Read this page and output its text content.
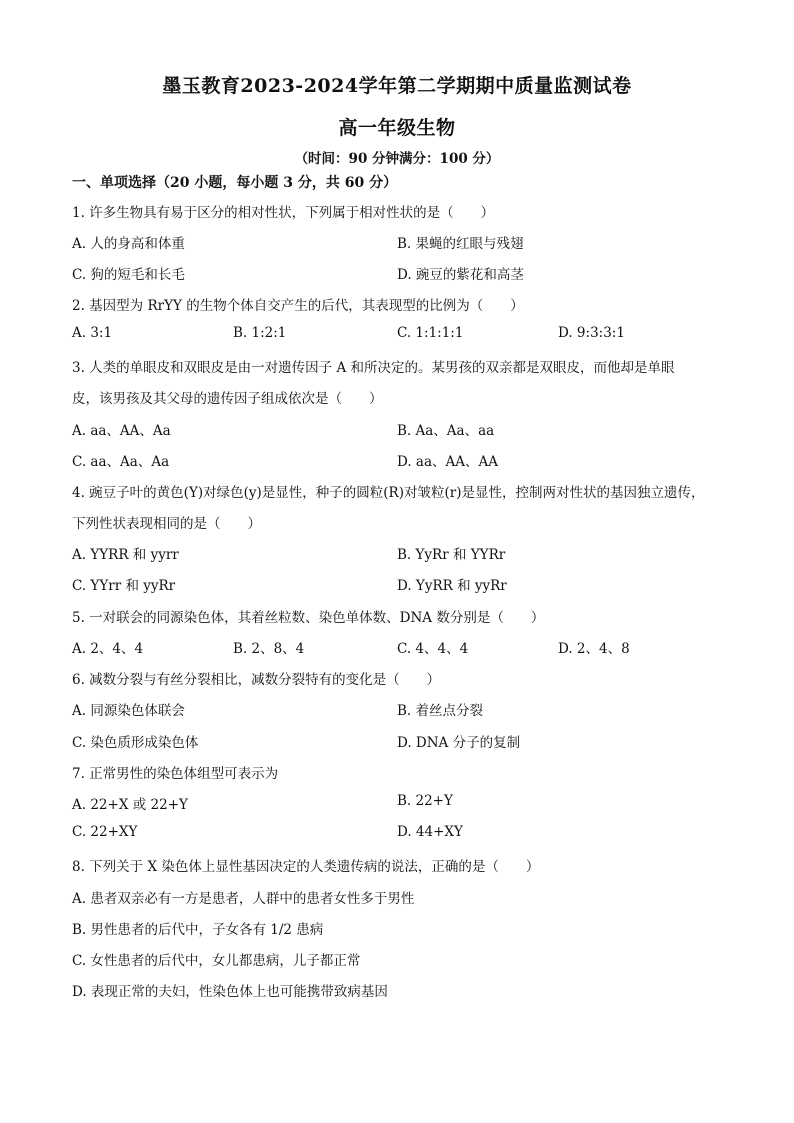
墨玉教育2023-2024学年第二学期期中质量监测试卷
高一年级生物
（时间：90 分钟满分：100 分）
一、单项选择（20 小题，每小题 3 分，共 60 分）
1. 许多生物具有易于区分的相对性状，下列属于相对性状的是（　　）
A. 人的身高和体重	B. 果蝇的红眼与残翅
C. 狗的短毛和长毛	D. 豌豆的紫花和高茎
2. 基因型为 RrYY 的生物个体自交产生的后代，其表现型的比例为（　　）
A. 3:1	B. 1:2:1	C. 1:1:1:1	D. 9:3:3:1
3. 人类的单眼皮和双眼皮是由一对遗传因子 A 和所决定的。某男孩的双亲都是双眼皮，而他却是单眼
皮，该男孩及其父母的遗传因子组成依次是（　　）
A. aa、AA、Aa	B. Aa、Aa、aa
C. aa、Aa、Aa	D. aa、AA、AA
4. 豌豆子叶的黄色(Y)对绿色(y)是显性，种子的圆粒(R)对皱粒(r)是显性，控制两对性状的基因独立遗传，
下列性状表现相同的是（　　）
A. YYRR 和 yyrr	B. YyRr 和 YYRr
C. YYrr 和 yyRr	D. YyRR 和 yyRr
5. 一对联会的同源染色体，其着丝粒数、染色单体数、DNA 数分别是（　　）
A. 2、4、4	B. 2、8、4	C. 4、4、4	D. 2、4、8
6. 减数分裂与有丝分裂相比，减数分裂特有的变化是（　　）
A. 同源染色体联会	B. 着丝点分裂
C. 染色质形成染色体	D. DNA 分子的复制
7. 正常男性的染色体组型可表示为
A. 22+X 或 22+Y	B. 22+Y
C. 22+XY	D. 44+XY
8. 下列关于 X 染色体上显性基因决定的人类遗传病的说法，正确的是（　　）
A. 患者双亲必有一方是患者，人群中的患者女性多于男性
B. 男性患者的后代中，子女各有 1/2 患病
C. 女性患者的后代中，女儿都患病，儿子都正常
D. 表现正常的夫妇，性染色体上也可能携带致病基因
